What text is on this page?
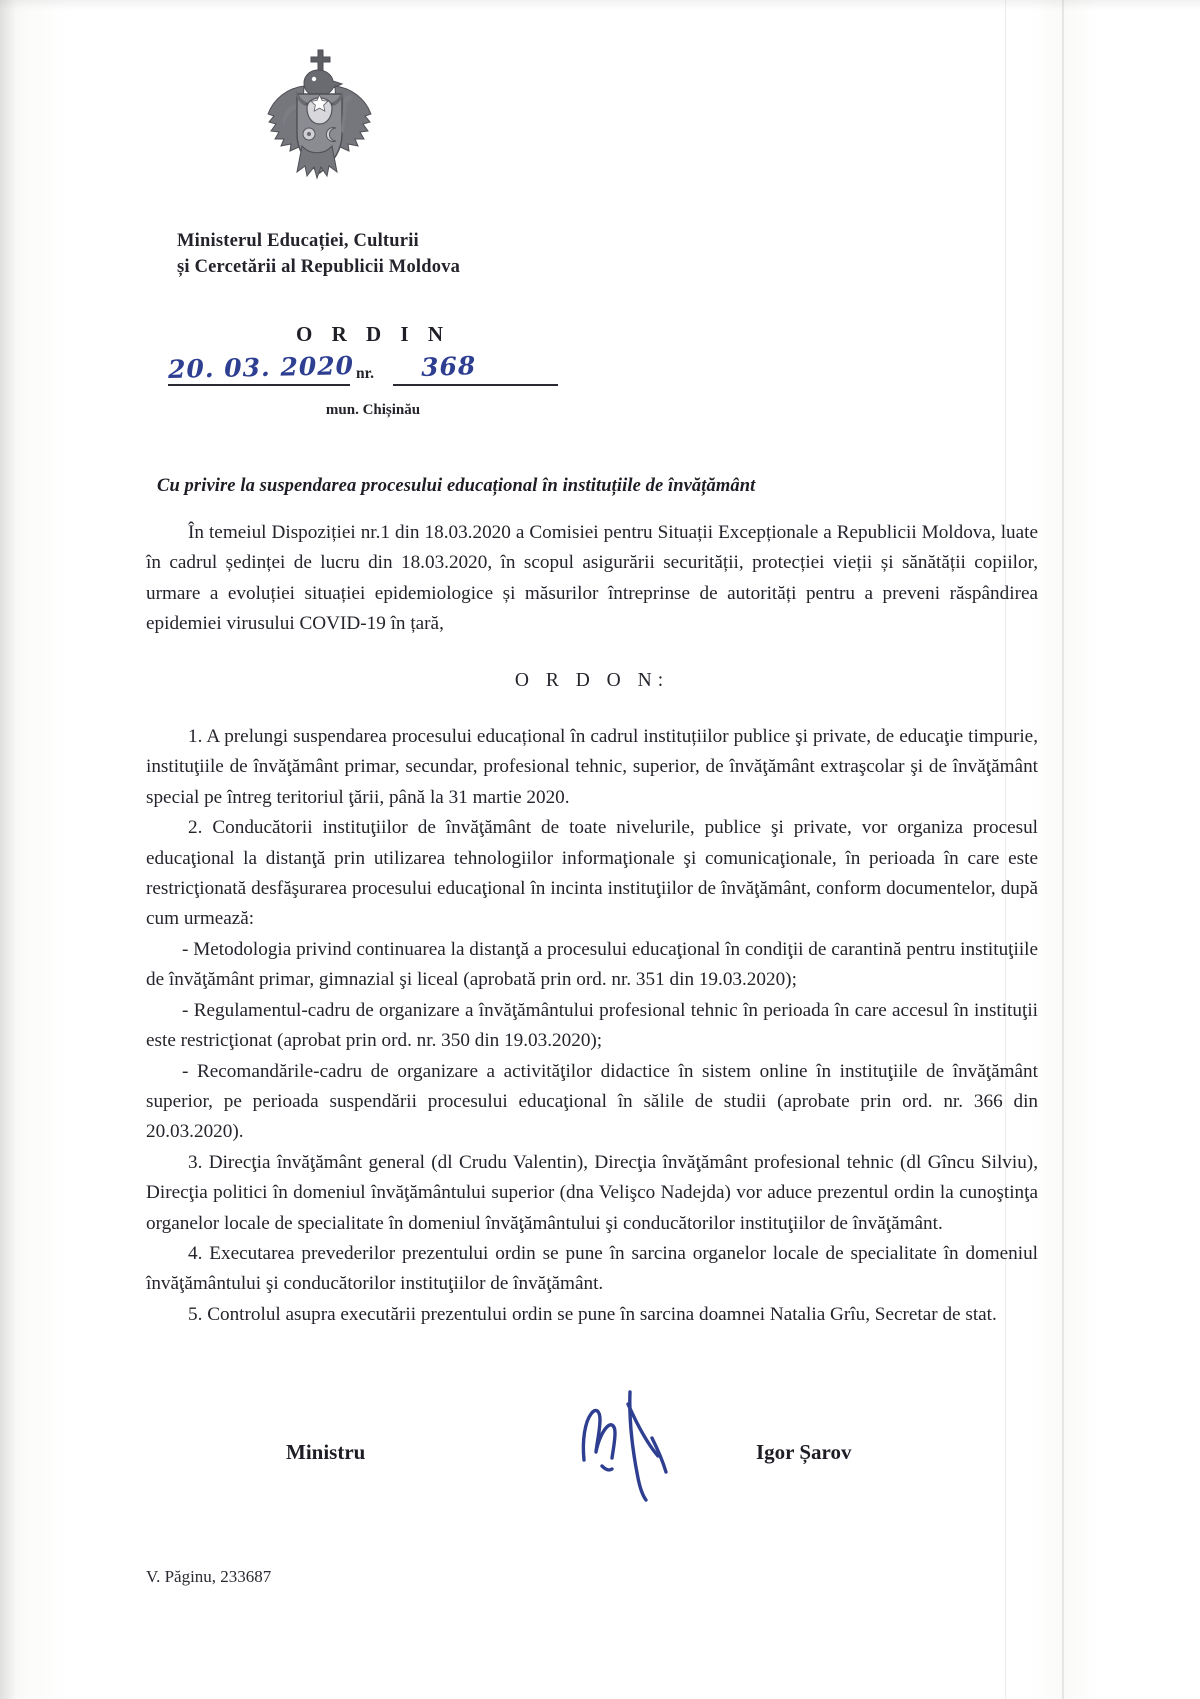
Ministerul Educației, Culturii

și Cercetării al Republicii Moldova
O R D I N
20. 03. 2020 nr. 368
mun. Chișinău
Cu privire la suspendarea procesului educațional în instituțiile de învățământ

În temeiul Dispoziției nr.1 din 18.03.2020 a Comisiei pentru Situații Excepționale a Republicii Moldova, luate în cadrul ședinței de lucru din 18.03.2020, în scopul asigurării securității, protecției vieții și sănătății copiilor, urmare a evoluției situației epidemiologice și măsurilor întreprinse de autorități pentru a preveni răspândirea epidemiei virusului COVID-19 în țară,

O R D O N:

1. A prelungi suspendarea procesului educațional în cadrul instituțiilor publice şi private, de educaţie timpurie, instituţiile de învăţământ primar, secundar, profesional tehnic, superior, de învăţământ extraşcolar şi de învăţământ special pe întreg teritoriul ţării, până la 31 martie 2020.

2. Conducătorii instituţiilor de învăţământ de toate nivelurile, publice şi private, vor organiza procesul educaţional la distanţă prin utilizarea tehnologiilor informaţionale şi comunicaţionale, în perioada în care este restricţionată desfăşurarea procesului educaţional în incinta instituţiilor de învăţământ, conform documentelor, după cum urmează:

- Metodologia privind continuarea la distanţă a procesului educaţional în condiţii de carantină pentru instituţiile de învăţământ primar, gimnazial şi liceal (aprobată prin ord. nr. 351 din 19.03.2020);

- Regulamentul-cadru de organizare a învăţământului profesional tehnic în perioada în care accesul în instituţii este restricţionat (aprobat prin ord. nr. 350 din 19.03.2020);

- Recomandările-cadru de organizare a activităţilor didactice în sistem online în instituţiile de învăţământ superior, pe perioada suspendării procesului educaţional în sălile de studii (aprobate prin ord. nr. 366 din 20.03.2020).

3. Direcţia învăţământ general (dl Crudu Valentin), Direcţia învăţământ profesional tehnic (dl Gîncu Silviu), Direcţia politici în domeniul învăţământului superior (dna Velişco Nadejda) vor aduce prezentul ordin la cunoştinţa organelor locale de specialitate în domeniul învăţământului şi conducătorilor instituţiilor de învăţământ.

4. Executarea prevederilor prezentului ordin se pune în sarcina organelor locale de specialitate în domeniul învăţământului şi conducătorilor instituţiilor de învăţământ.

5. Controlul asupra executării prezentului ordin se pune în sarcina doamnei Natalia Grîu, Secretar de stat.

Ministru	Igor Șarov
V. Păginu, 233687
